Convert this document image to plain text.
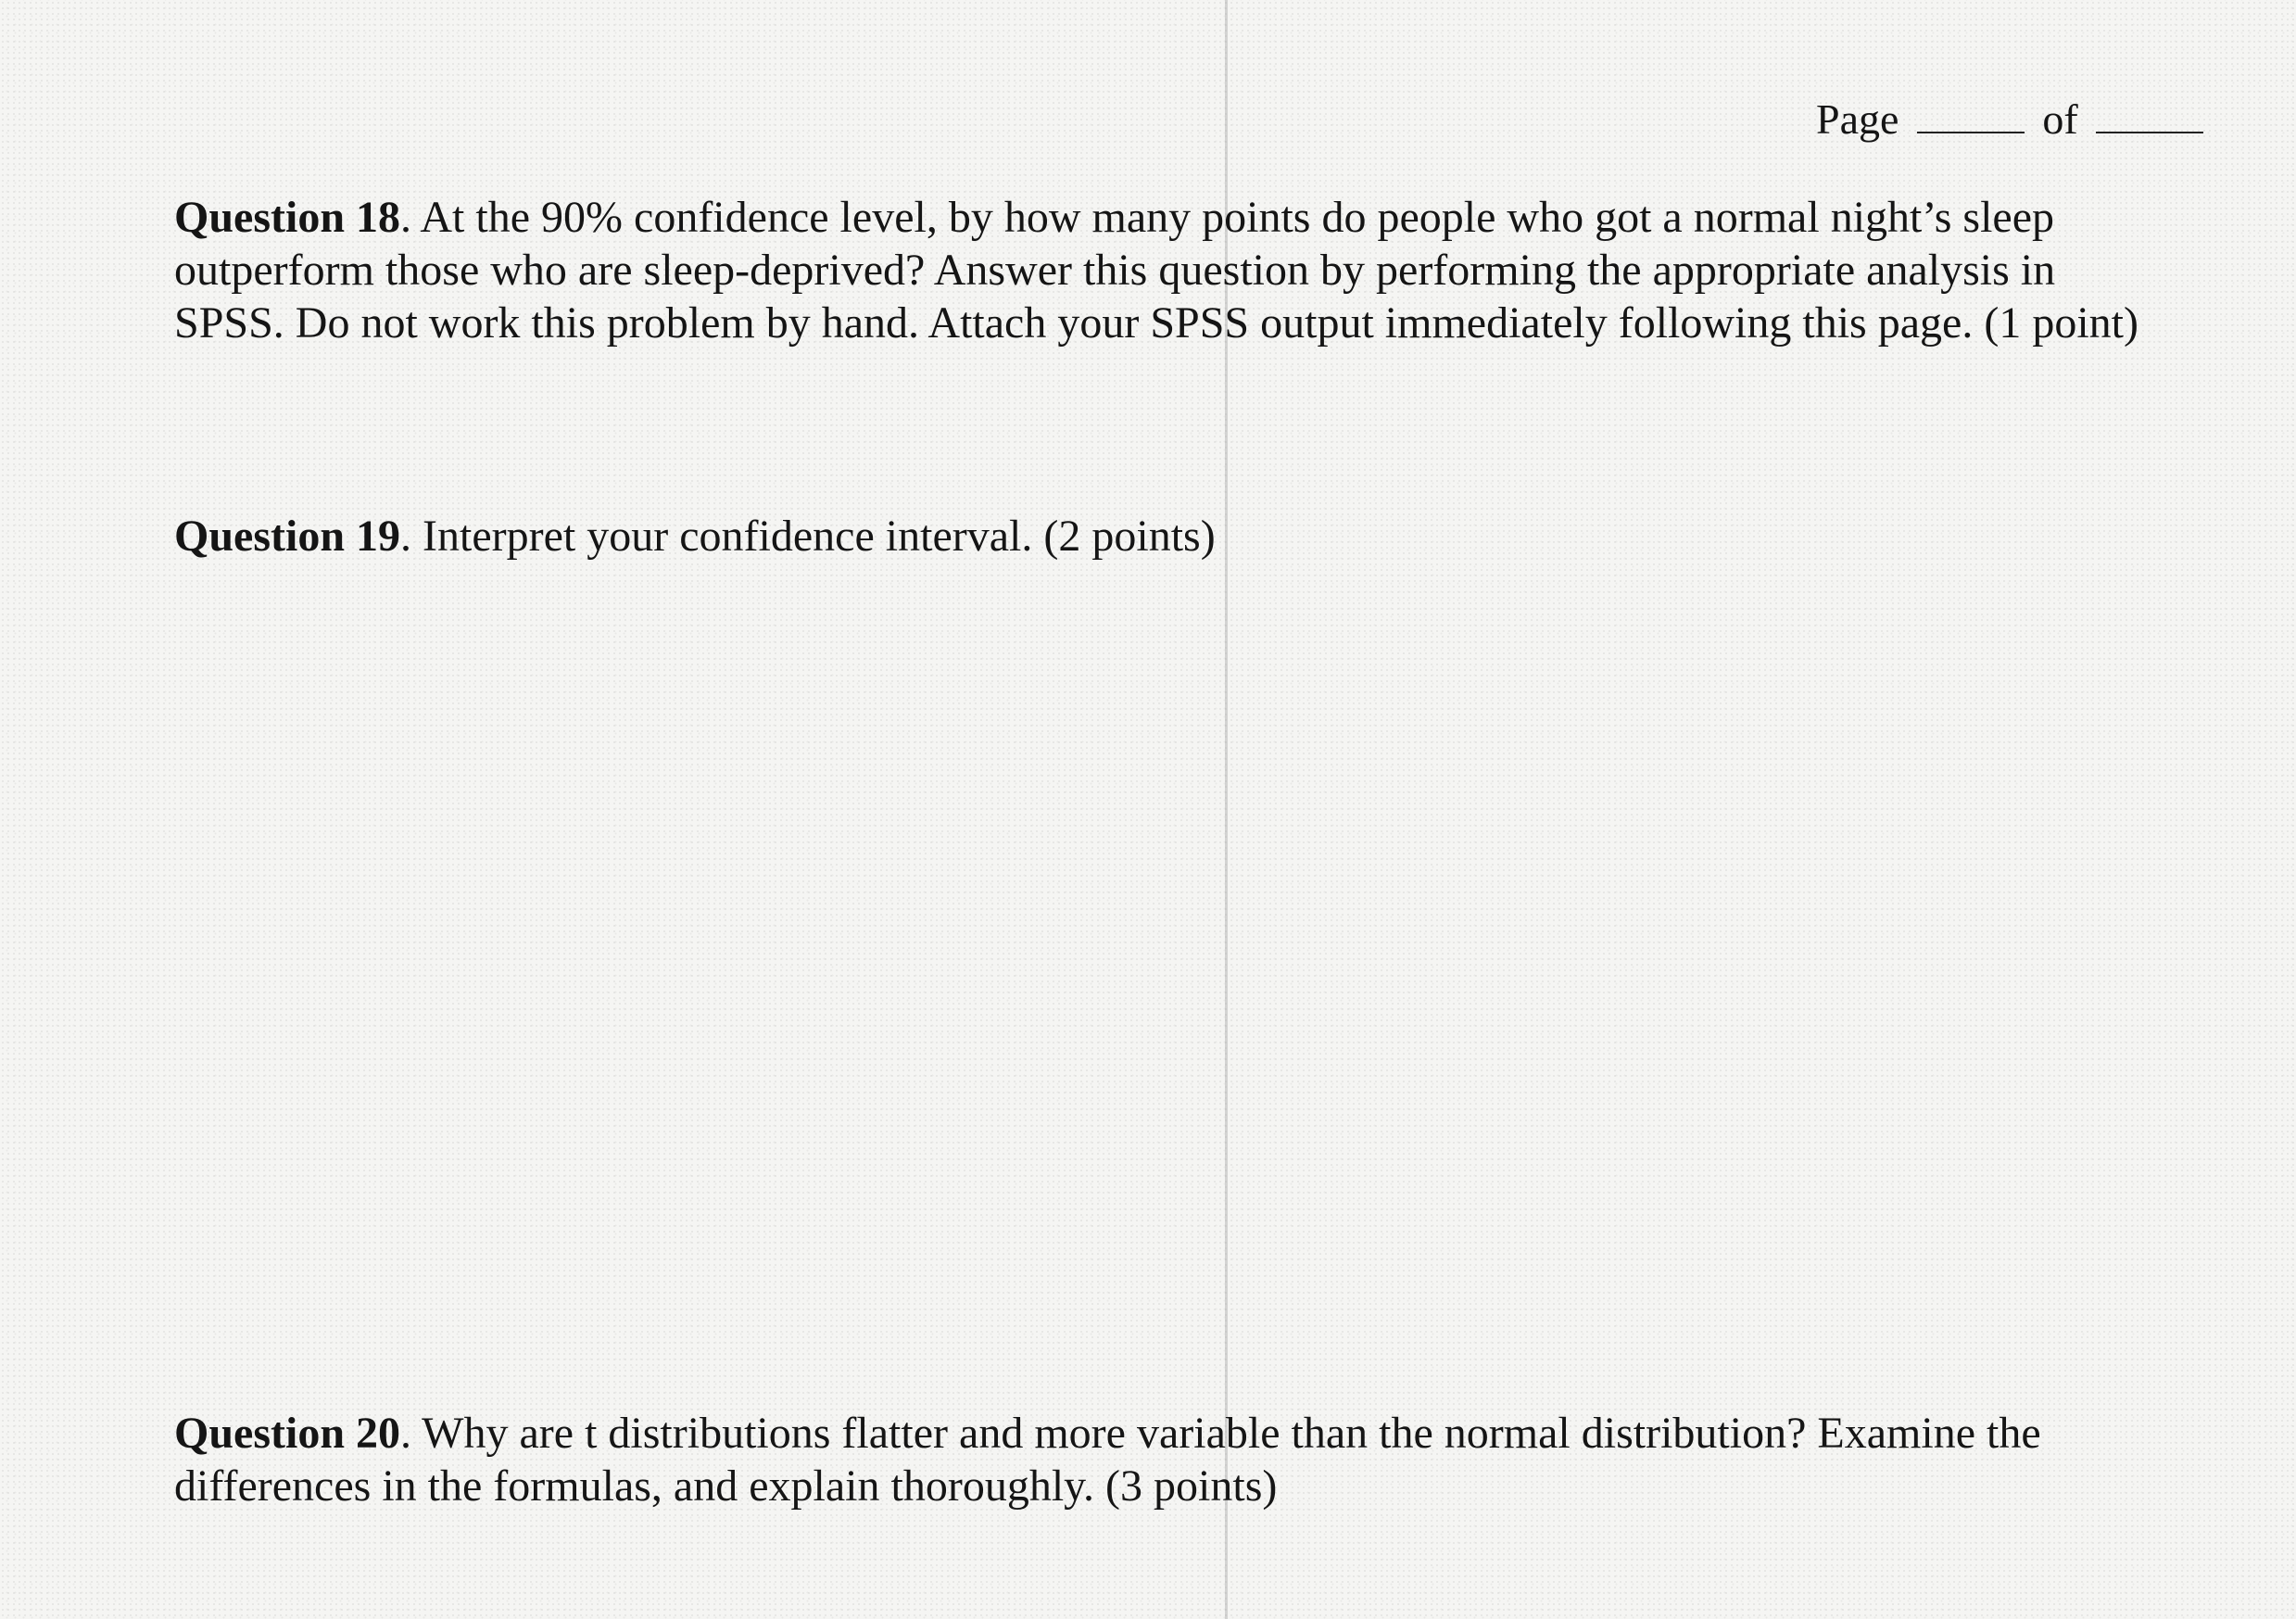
Page	of
Question 18. At the 90% confidence level, by how many points do people who got a normal night’s sleep outperform those who are sleep-deprived? Answer this question by performing the appropriate analysis in SPSS. Do not work this problem by hand. Attach your SPSS output immediately following this page. (1 point)
Question 19. Interpret your confidence interval. (2 points)
Question 20. Why are t distributions flatter and more variable than the normal distribution? Examine the differences in the formulas, and explain thoroughly. (3 points)
